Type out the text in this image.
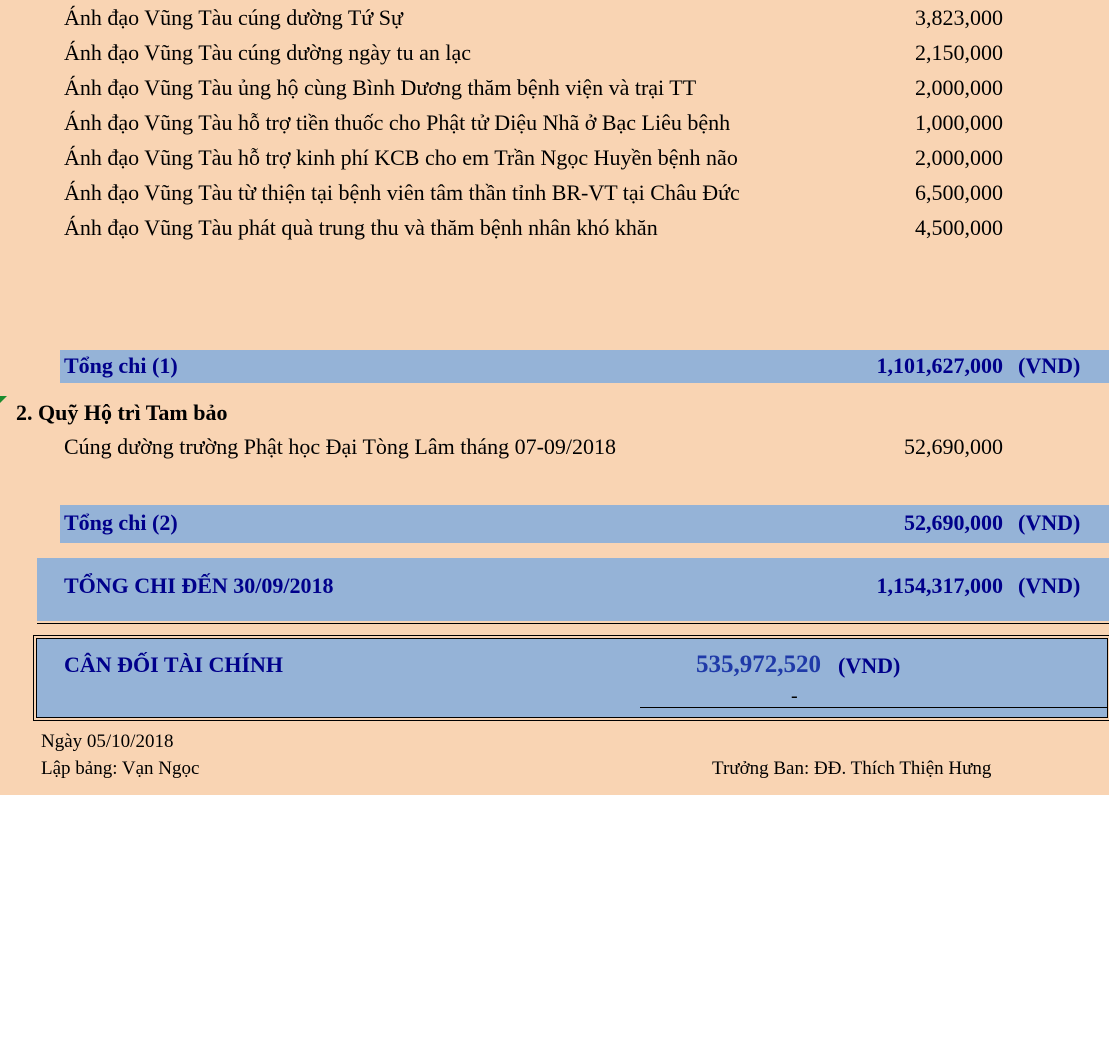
Ánh đạo Vũng Tàu cúng dường Tứ Sự	3,823,000
Ánh đạo Vũng Tàu cúng dường ngày tu an lạc	2,150,000
Ánh đạo Vũng Tàu ủng hộ cùng Bình Dương thăm bệnh viện và trại TT	2,000,000
Ánh đạo Vũng Tàu hỗ trợ tiền thuốc cho Phật tử Diệu Nhã ở Bạc Liêu bệnh	1,000,000
Ánh đạo Vũng Tàu hỗ trợ kinh phí KCB cho em Trần Ngọc Huyền bệnh não	2,000,000
Ánh đạo Vũng Tàu từ thiện tại bệnh viên tâm thần tỉnh BR-VT tại Châu Đức	6,500,000
Ánh đạo Vũng Tàu phát quà trung thu và thăm bệnh nhân khó khăn	4,500,000
Tổng chi (1)	1,101,627,000 (VND)
2. Quỹ Hộ trì Tam bảo
Cúng dường trường Phật học Đại Tòng Lâm tháng 07-09/2018	52,690,000
Tổng chi (2)	52,690,000 (VND)
TỔNG CHI ĐẾN 30/09/2018	1,154,317,000 (VND)
CÂN ĐỐI TÀI CHÍNH	535,972,520 (VND)
-
Ngày 05/10/2018
Lập bảng: Vạn Ngọc	Trưởng Ban: ĐĐ. Thích Thiện Hưng
